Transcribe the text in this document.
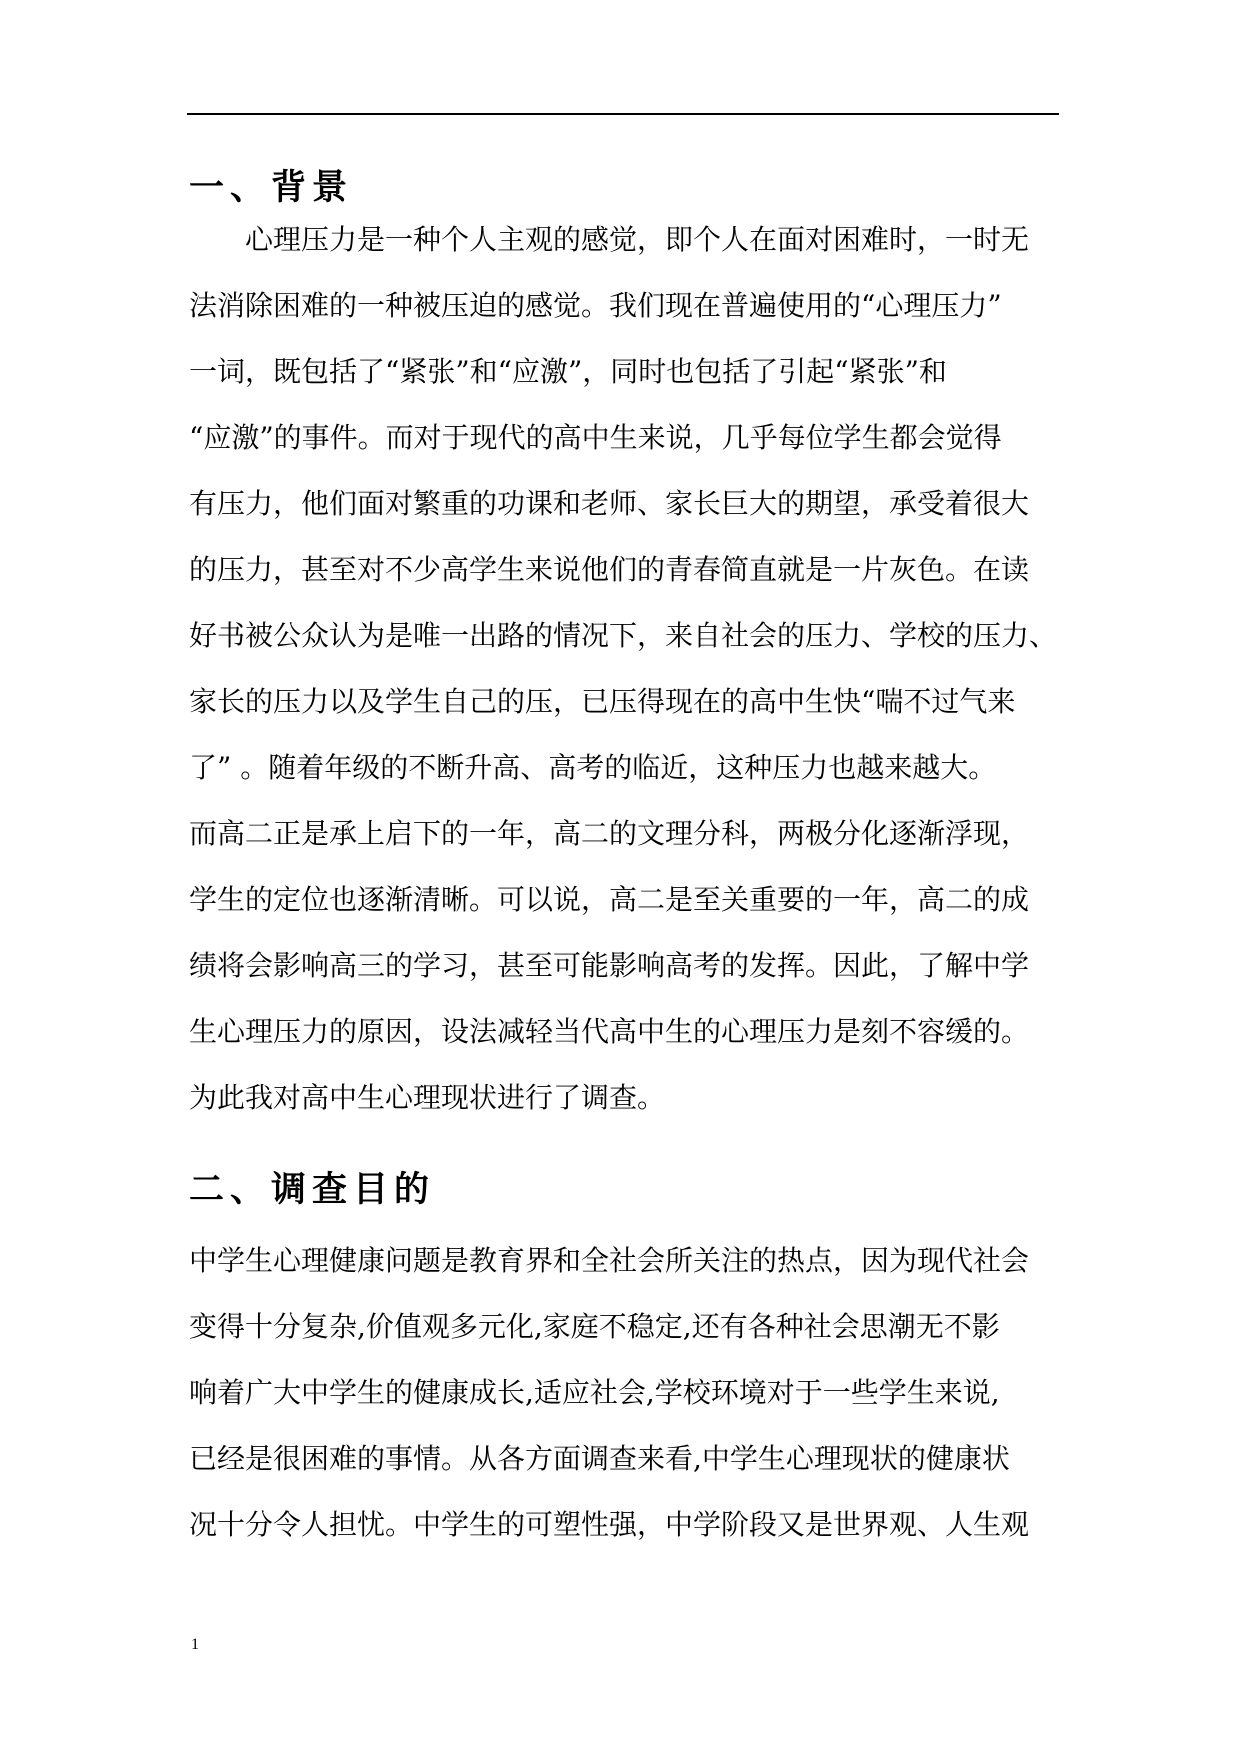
一、背景
　　心理压力是一种个人主观的感觉，即个人在面对困难时，一时无
法消除困难的一种被压迫的感觉。我们现在普遍使用的“心理压力”
一词，既包括了“紧张”和“应激”，同时也包括了引起“紧张”和
“应激”的事件。而对于现代的高中生来说，几乎每位学生都会觉得
有压力，他们面对繁重的功课和老师、家长巨大的期望，承受着很大
的压力，甚至对不少高学生来说他们的青春简直就是一片灰色。在读
好书被公众认为是唯一出路的情况下，来自社会的压力、学校的压力、
家长的压力以及学生自己的压，已压得现在的高中生快“喘不过气来
了” 。随着年级的不断升高、高考的临近，这种压力也越来越大。
而高二正是承上启下的一年，高二的文理分科，两极分化逐渐浮现，
学生的定位也逐渐清晰。可以说，高二是至关重要的一年，高二的成
绩将会影响高三的学习，甚至可能影响高考的发挥。因此，了解中学
生心理压力的原因，设法减轻当代高中生的心理压力是刻不容缓的。
为此我对高中生心理现状进行了调查。
二、调查目的
中学生心理健康问题是教育界和全社会所关注的热点，因为现代社会
变得十分复杂,价值观多元化,家庭不稳定,还有各种社会思潮无不影
响着广大中学生的健康成长,适应社会,学校环境对于一些学生来说,
已经是很困难的事情。从各方面调查来看,中学生心理现状的健康状
况十分令人担忧。中学生的可塑性强，中学阶段又是世界观、人生观
1
